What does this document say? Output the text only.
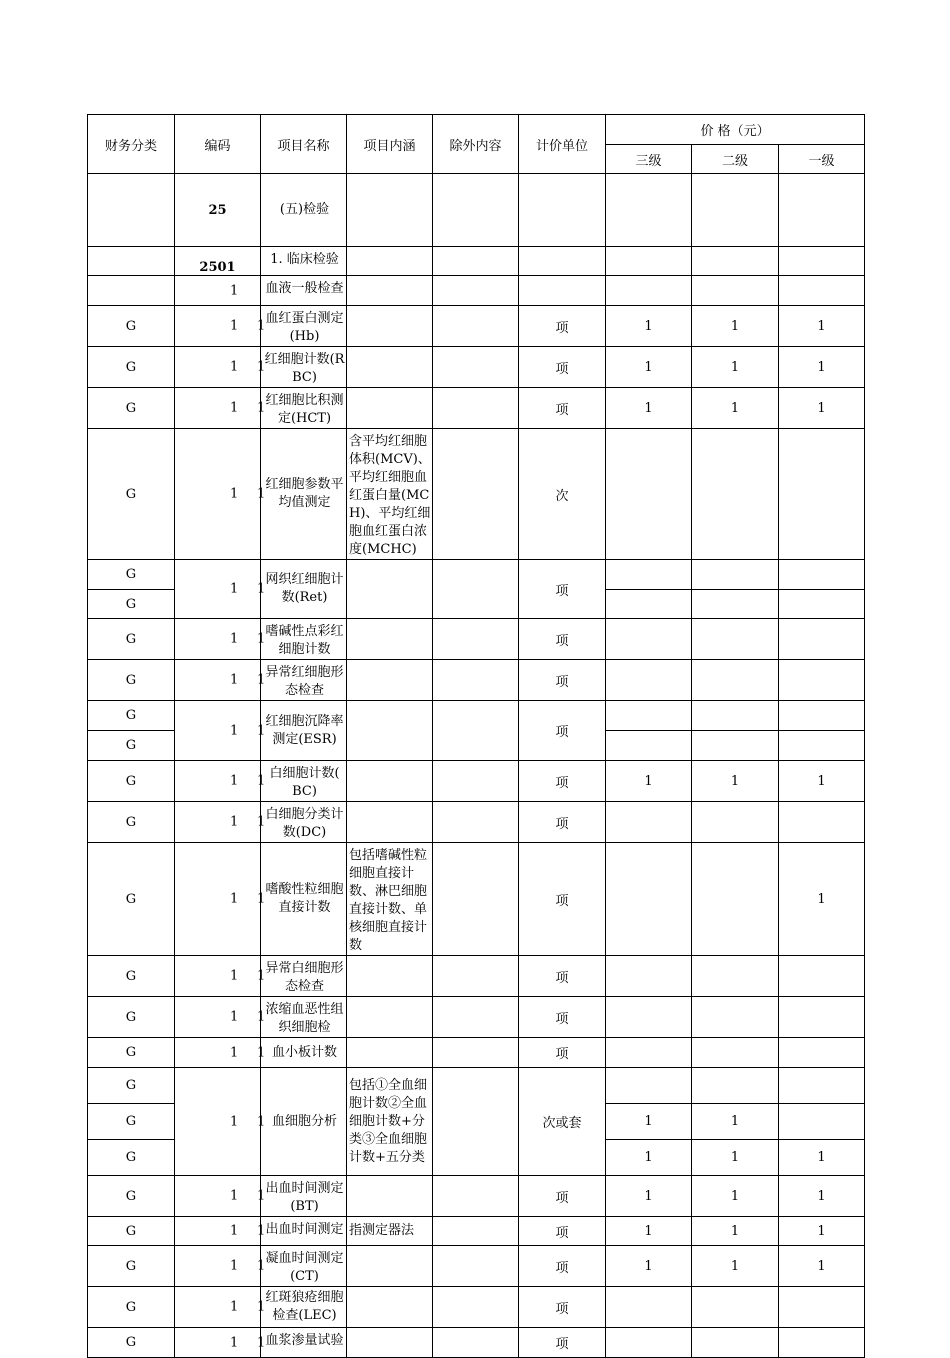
财务分类	编码	项目名称	项目内涵	除外内容	计价单位	价 格（元）		
						三级	二级	一级
	25	(五)检验						

	2501	1. 临床检验						

	1	血液一般检查						

G	1 1	血红蛋白测定(Hb)			项	1	1	1
G	1 1	红细胞计数(RBC)			项	1	1	1
G	1 1	红细胞比积测定(HCT)			项	1	1	1
G	1 1	红细胞参数平均值测定	含平均红细胞体积(MCV)、平均红细胞血红蛋白量(MCH)、平均红细胞血红蛋白浓度(MCHC)		次			
G	1 1	网织红细胞计数(Ret)			项			
G								
G	1 1	嗜碱性点彩红细胞计数			项			
G	1 1	异常红细胞形态检查			项			
G	1 1	红细胞沉降率测定(ESR)			项			
G								
G	1 1	白细胞计数(　BC)			项	1	1	1
G	1 1	白细胞分类计数(DC)			项			
G	1 1	嗜酸性粒细胞直接计数	包括嗜碱性粒细胞直接计数、淋巴细胞直接计数、单核细胞直接计数		项			1
G	1 1	异常白细胞形态检查			项			
G	1 1	浓缩血恶性组织细胞检			项			
G	1 1	血小板计数			项			
G	1 1	血细胞分析	包括①全血细胞计数②全血细胞计数+分类③全血细胞计数+五分类		次或套			
G						1	1	
G						1	1	1
G	1 1	出血时间测定(BT)			项	1	1	1
G	1 1	出血时间测定	指测定器法		项	1	1	1
G	1 1	凝血时间测定(CT)			项	1	1	1
G	1 1	红斑狼疮细胞检查(LEC)			项			
G	1 1	血浆渗量试验			项			
